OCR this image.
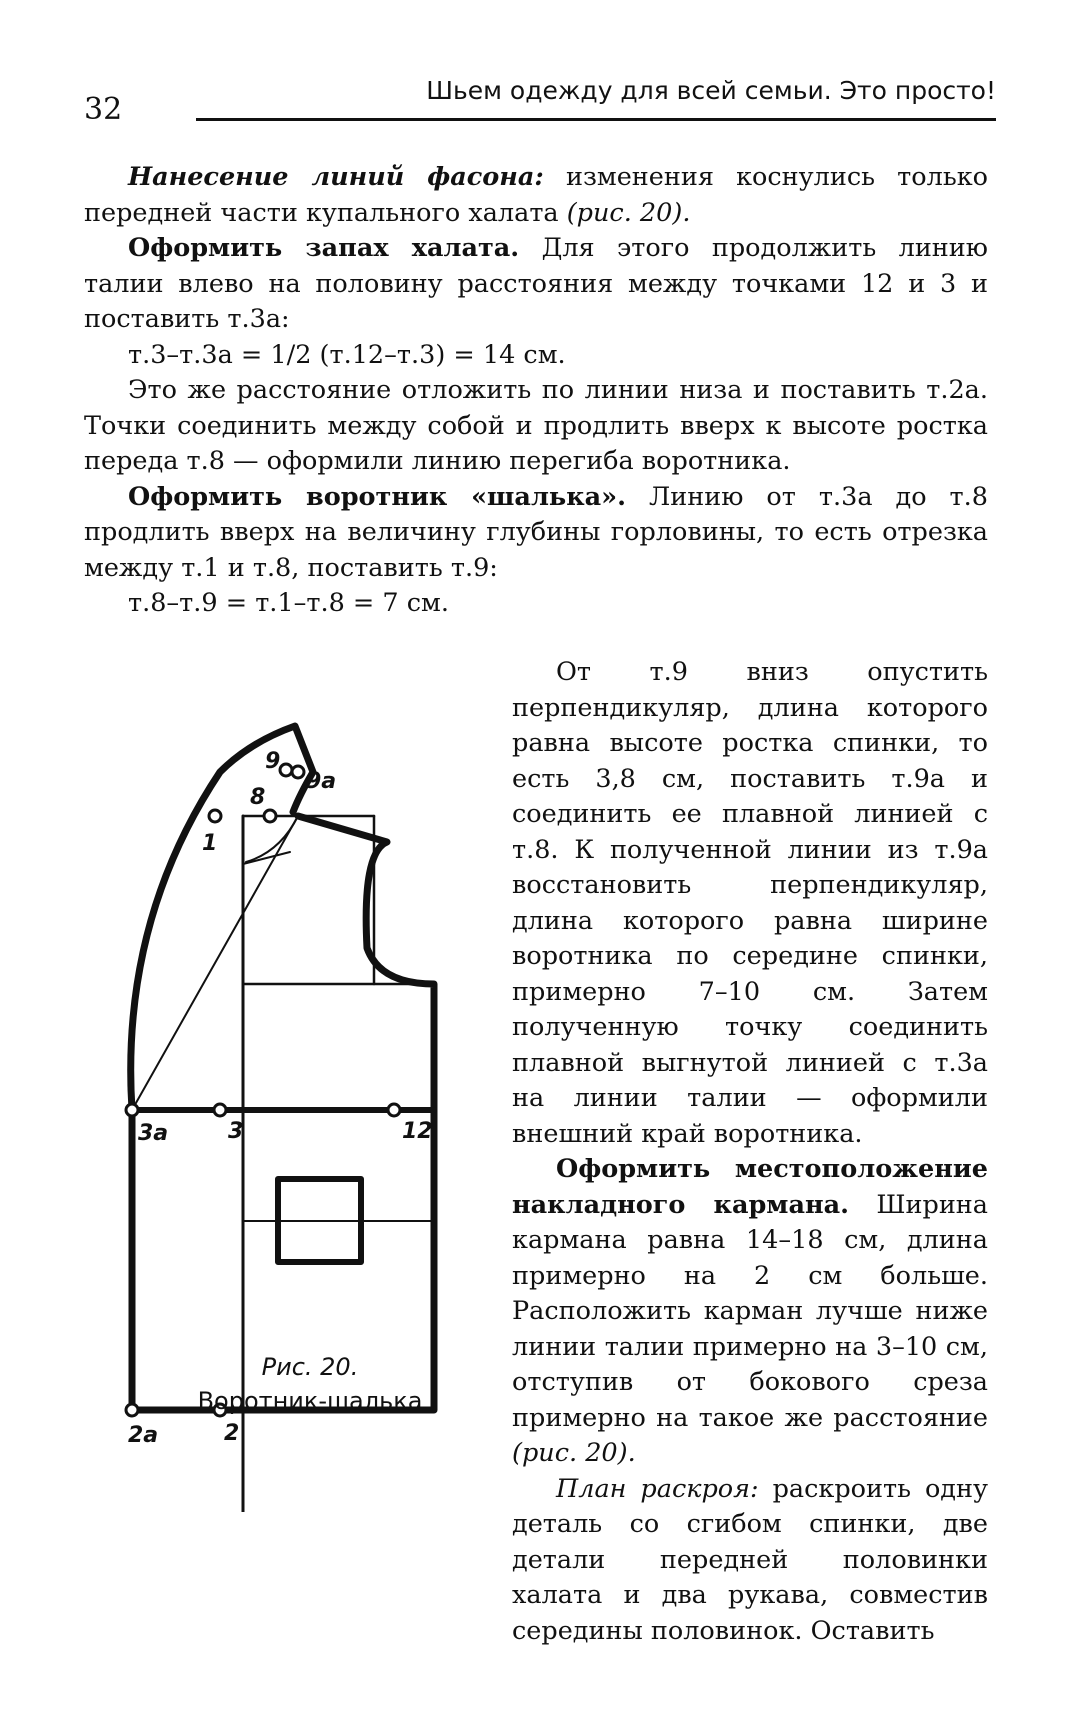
32
Шьем одежду для всей семьи. Это просто!

Нанесение линий фасона: изменения коснулись только передней части купального халата (рис. 20).

Оформить запах халата. Для этого продолжить линию талии влево на половину расстояния между точками 12 и 3 и поставить т.3а:

т.3–т.3а = 1/2 (т.12–т.3) = 14 см.

Это же расстояние отложить по линии низа и поставить т.2а. Точки соединить между собой и продлить вверх к высоте ростка переда т.8 — оформили линию перегиба воротника.

Оформить воротник «шалька». Линию от т.3а до т.8 продлить вверх на величину глубины горловины, то есть отрезка между т.1 и т.8, поставить т.9:

т.8–т.9 = т.1–т.8 = 7 см.

От т.9 вниз опустить перпендикуляр, длина которого равна высоте ростка спинки, то есть 3,8 см, поставить т.9а и соединить ее плавной линией с т.8. К полученной линии из т.9а восстановить перпендикуляр, длина которого равна ширине воротника по середине спинки, примерно 7–10 см. Затем полученную точку соединить плавной выгнутой линией с т.3а на линии талии — оформили внешний край воротника.

Оформить местоположение накладного кармана. Ширина кармана равна 14–18 см, длина примерно на 2 см больше. Расположить карман лучше ниже линии талии примерно на 3–10 см, отступив от бокового среза примерно на такое же расстояние (рис. 20).

План раскроя: раскроить одну деталь со сгибом спинки, две детали передней половинки халата и два рукава, совместив середины половинок. Оставить

1
8
9
9а
3а	3	12
2а	2
Рис. 20.
Воротник-шалька
